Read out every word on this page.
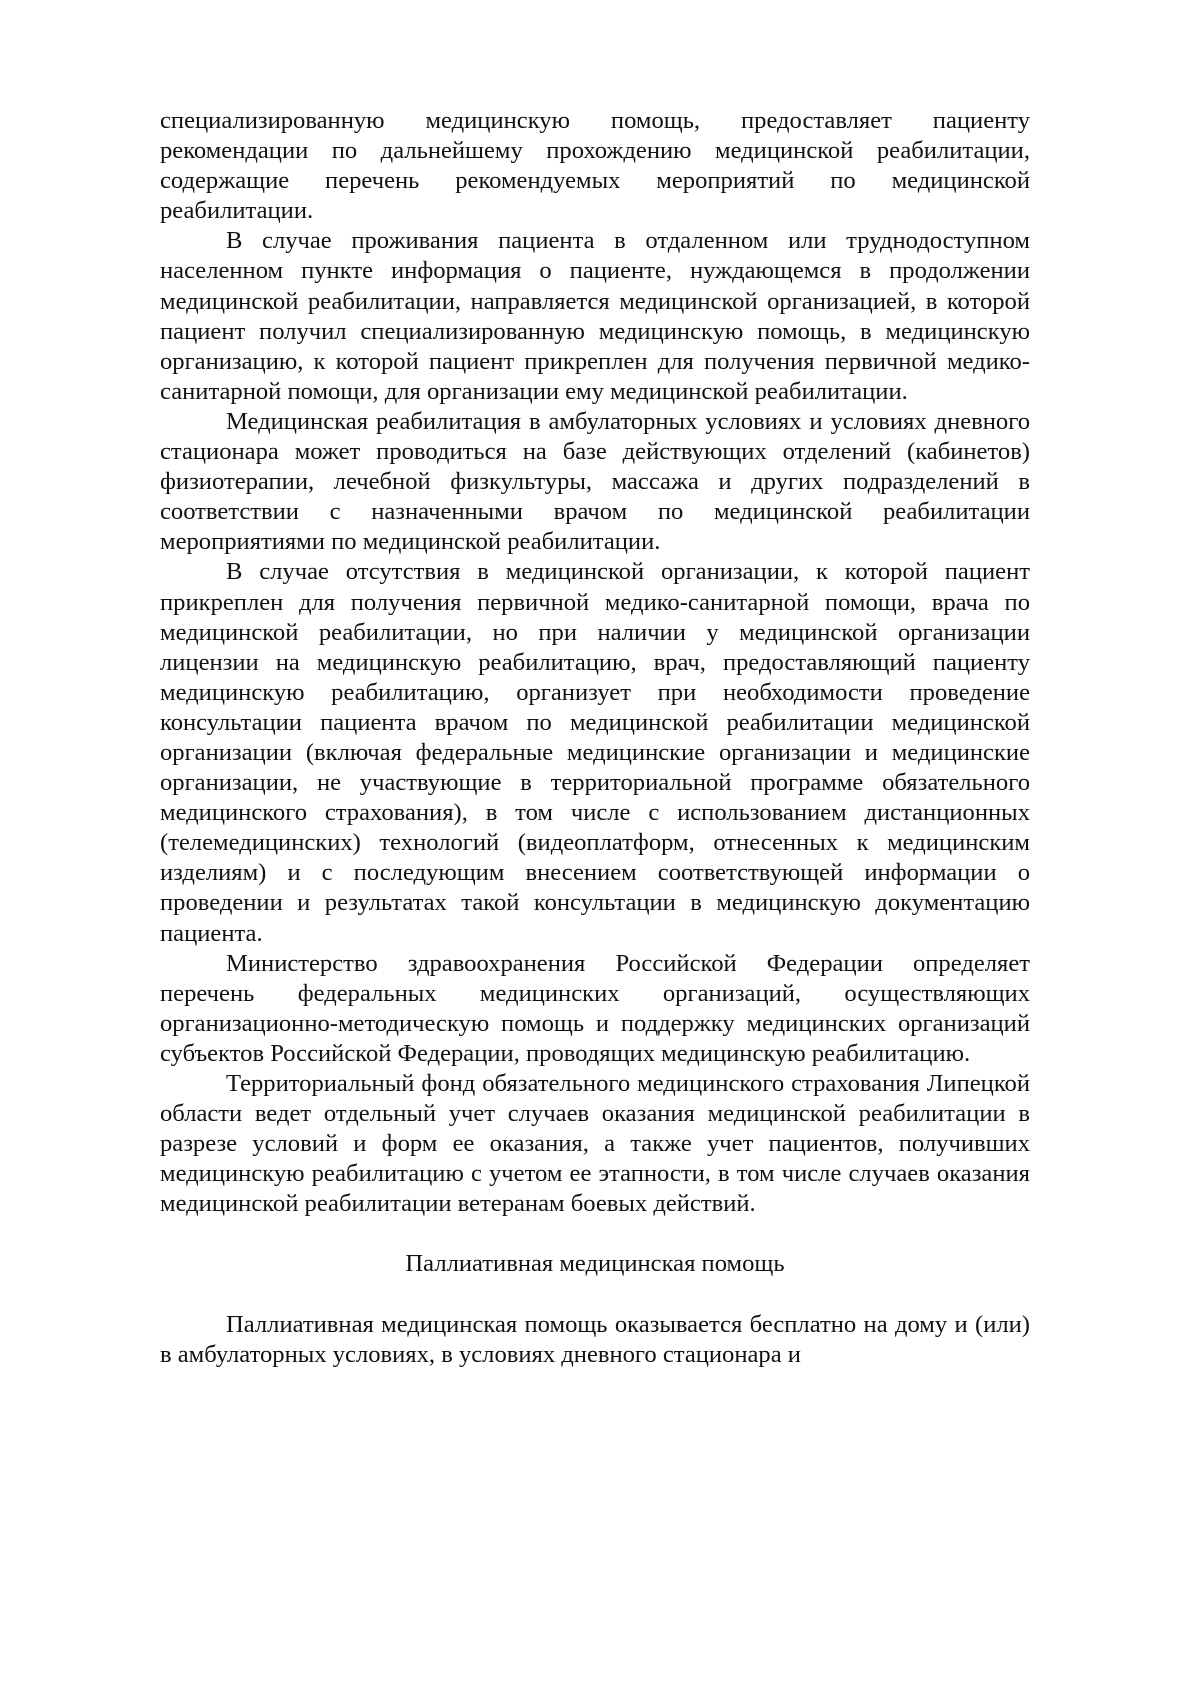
специализированную медицинскую помощь, предоставляет пациенту рекомендации по дальнейшему прохождению медицинской реабилитации, содержащие перечень рекомендуемых мероприятий по медицинской реабилитации.

В случае проживания пациента в отдаленном или труднодоступном населенном пункте информация о пациенте, нуждающемся в продолжении медицинской реабилитации, направляется медицинской организацией, в которой пациент получил специализированную медицинскую помощь, в медицинскую организацию, к которой пациент прикреплен для получения первичной медико-санитарной помощи, для организации ему медицинской реабилитации.

Медицинская реабилитация в амбулаторных условиях и условиях дневного стационара может проводиться на базе действующих отделений (кабинетов) физиотерапии, лечебной физкультуры, массажа и других подразделений в соответствии с назначенными врачом по медицинской реабилитации мероприятиями по медицинской реабилитации.

В случае отсутствия в медицинской организации, к которой пациент прикреплен для получения первичной медико-санитарной помощи, врача по медицинской реабилитации, но при наличии у медицинской организации лицензии на медицинскую реабилитацию, врач, предоставляющий пациенту медицинскую реабилитацию, организует при необходимости проведение консультации пациента врачом по медицинской реабилитации медицинской организации (включая федеральные медицинские организации и медицинские организации, не участвующие в территориальной программе обязательного медицинского страхования), в том числе с использованием дистанционных (телемедицинских) технологий (видеоплатформ, отнесенных к медицинским изделиям) и с последующим внесением соответствующей информации о проведении и результатах такой консультации в медицинскую документацию пациента.

Министерство здравоохранения Российской Федерации определяет перечень федеральных медицинских организаций, осуществляющих организационно-методическую помощь и поддержку медицинских организаций субъектов Российской Федерации, проводящих медицинскую реабилитацию.

Территориальный фонд обязательного медицинского страхования Липецкой области ведет отдельный учет случаев оказания медицинской реабилитации в разрезе условий и форм ее оказания, а также учет пациентов, получивших медицинскую реабилитацию с учетом ее этапности, в том числе случаев оказания медицинской реабилитации ветеранам боевых действий.

Паллиативная медицинская помощь

Паллиативная медицинская помощь оказывается бесплатно на дому и (или) в амбулаторных условиях, в условиях дневного стационара и
